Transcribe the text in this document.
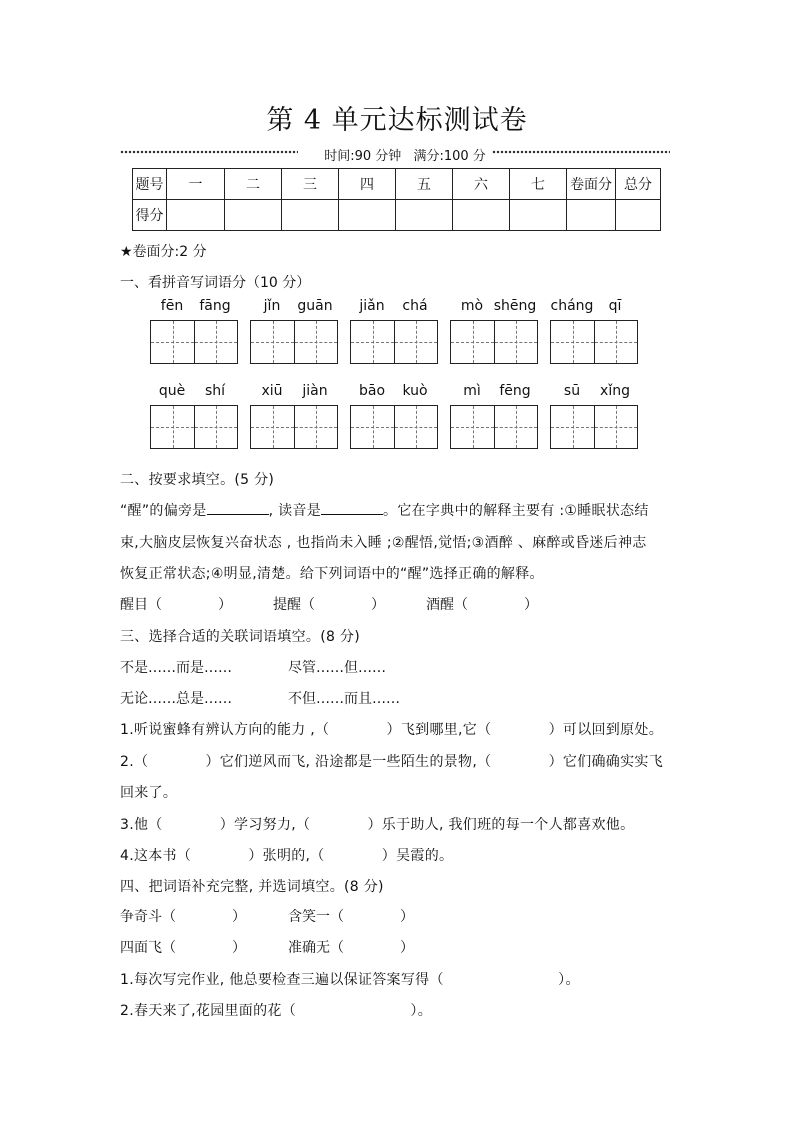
第 4 单元达标测试卷
时间:90 分钟 满分:100 分
题号	一	二	三	四	五	六	七	卷面分	总分
得分									
★卷面分:2 分
一、看拼音写词语分（10 分）
fēn	fāng	jǐn	guān	jiǎn	chá	mò shēng cháng	qī
què	shí	xiū	jiàn	bāo	kuò	mì	fēng	sū	xǐng
二、按要求填空。(5 分)
“醒”的偏旁是	, 读音是	。它在字典中的解释主要有 :①睡眠状态结
束,大脑皮层恢复兴奋状态 , 也指尚未入睡 ;②醒悟,觉悟;③酒醉 、麻醉或昏迷后神志
恢复正常状态;④明显,清楚。给下列词语中的“醒”选择正确的解释。
醒目（　　　　）	提醒（　　　　）	酒醒（　　　　）
三、选择合适的关联词语填空。(8 分)
不是……而是……	尽管……但……
无论……总是……	不但……而且……
1.听说蜜蜂有辨认方向的能力 ,（　　　　）飞到哪里,它（　　　　）可以回到原处。
2.（　　　　）它们逆风而飞, 沿途都是一些陌生的景物,（　　　　）它们确确实实飞
回来了。
3.他（　　　　）学习努力,（　　　　）乐于助人, 我们班的每一个人都喜欢他。
4.这本书（　　　　）张明的,（　　　　）吴霞的。
四、把词语补充完整, 并选词填空。(8 分)
争奇斗（　　　　）	含笑一（　　　　）
四面飞（　　　　）	准确无（　　　　）
1.每次写完作业, 他总要检查三遍以保证答案写得（　　　　　　　　）。
2.春天来了,花园里面的花（　　　　　　　　）。
